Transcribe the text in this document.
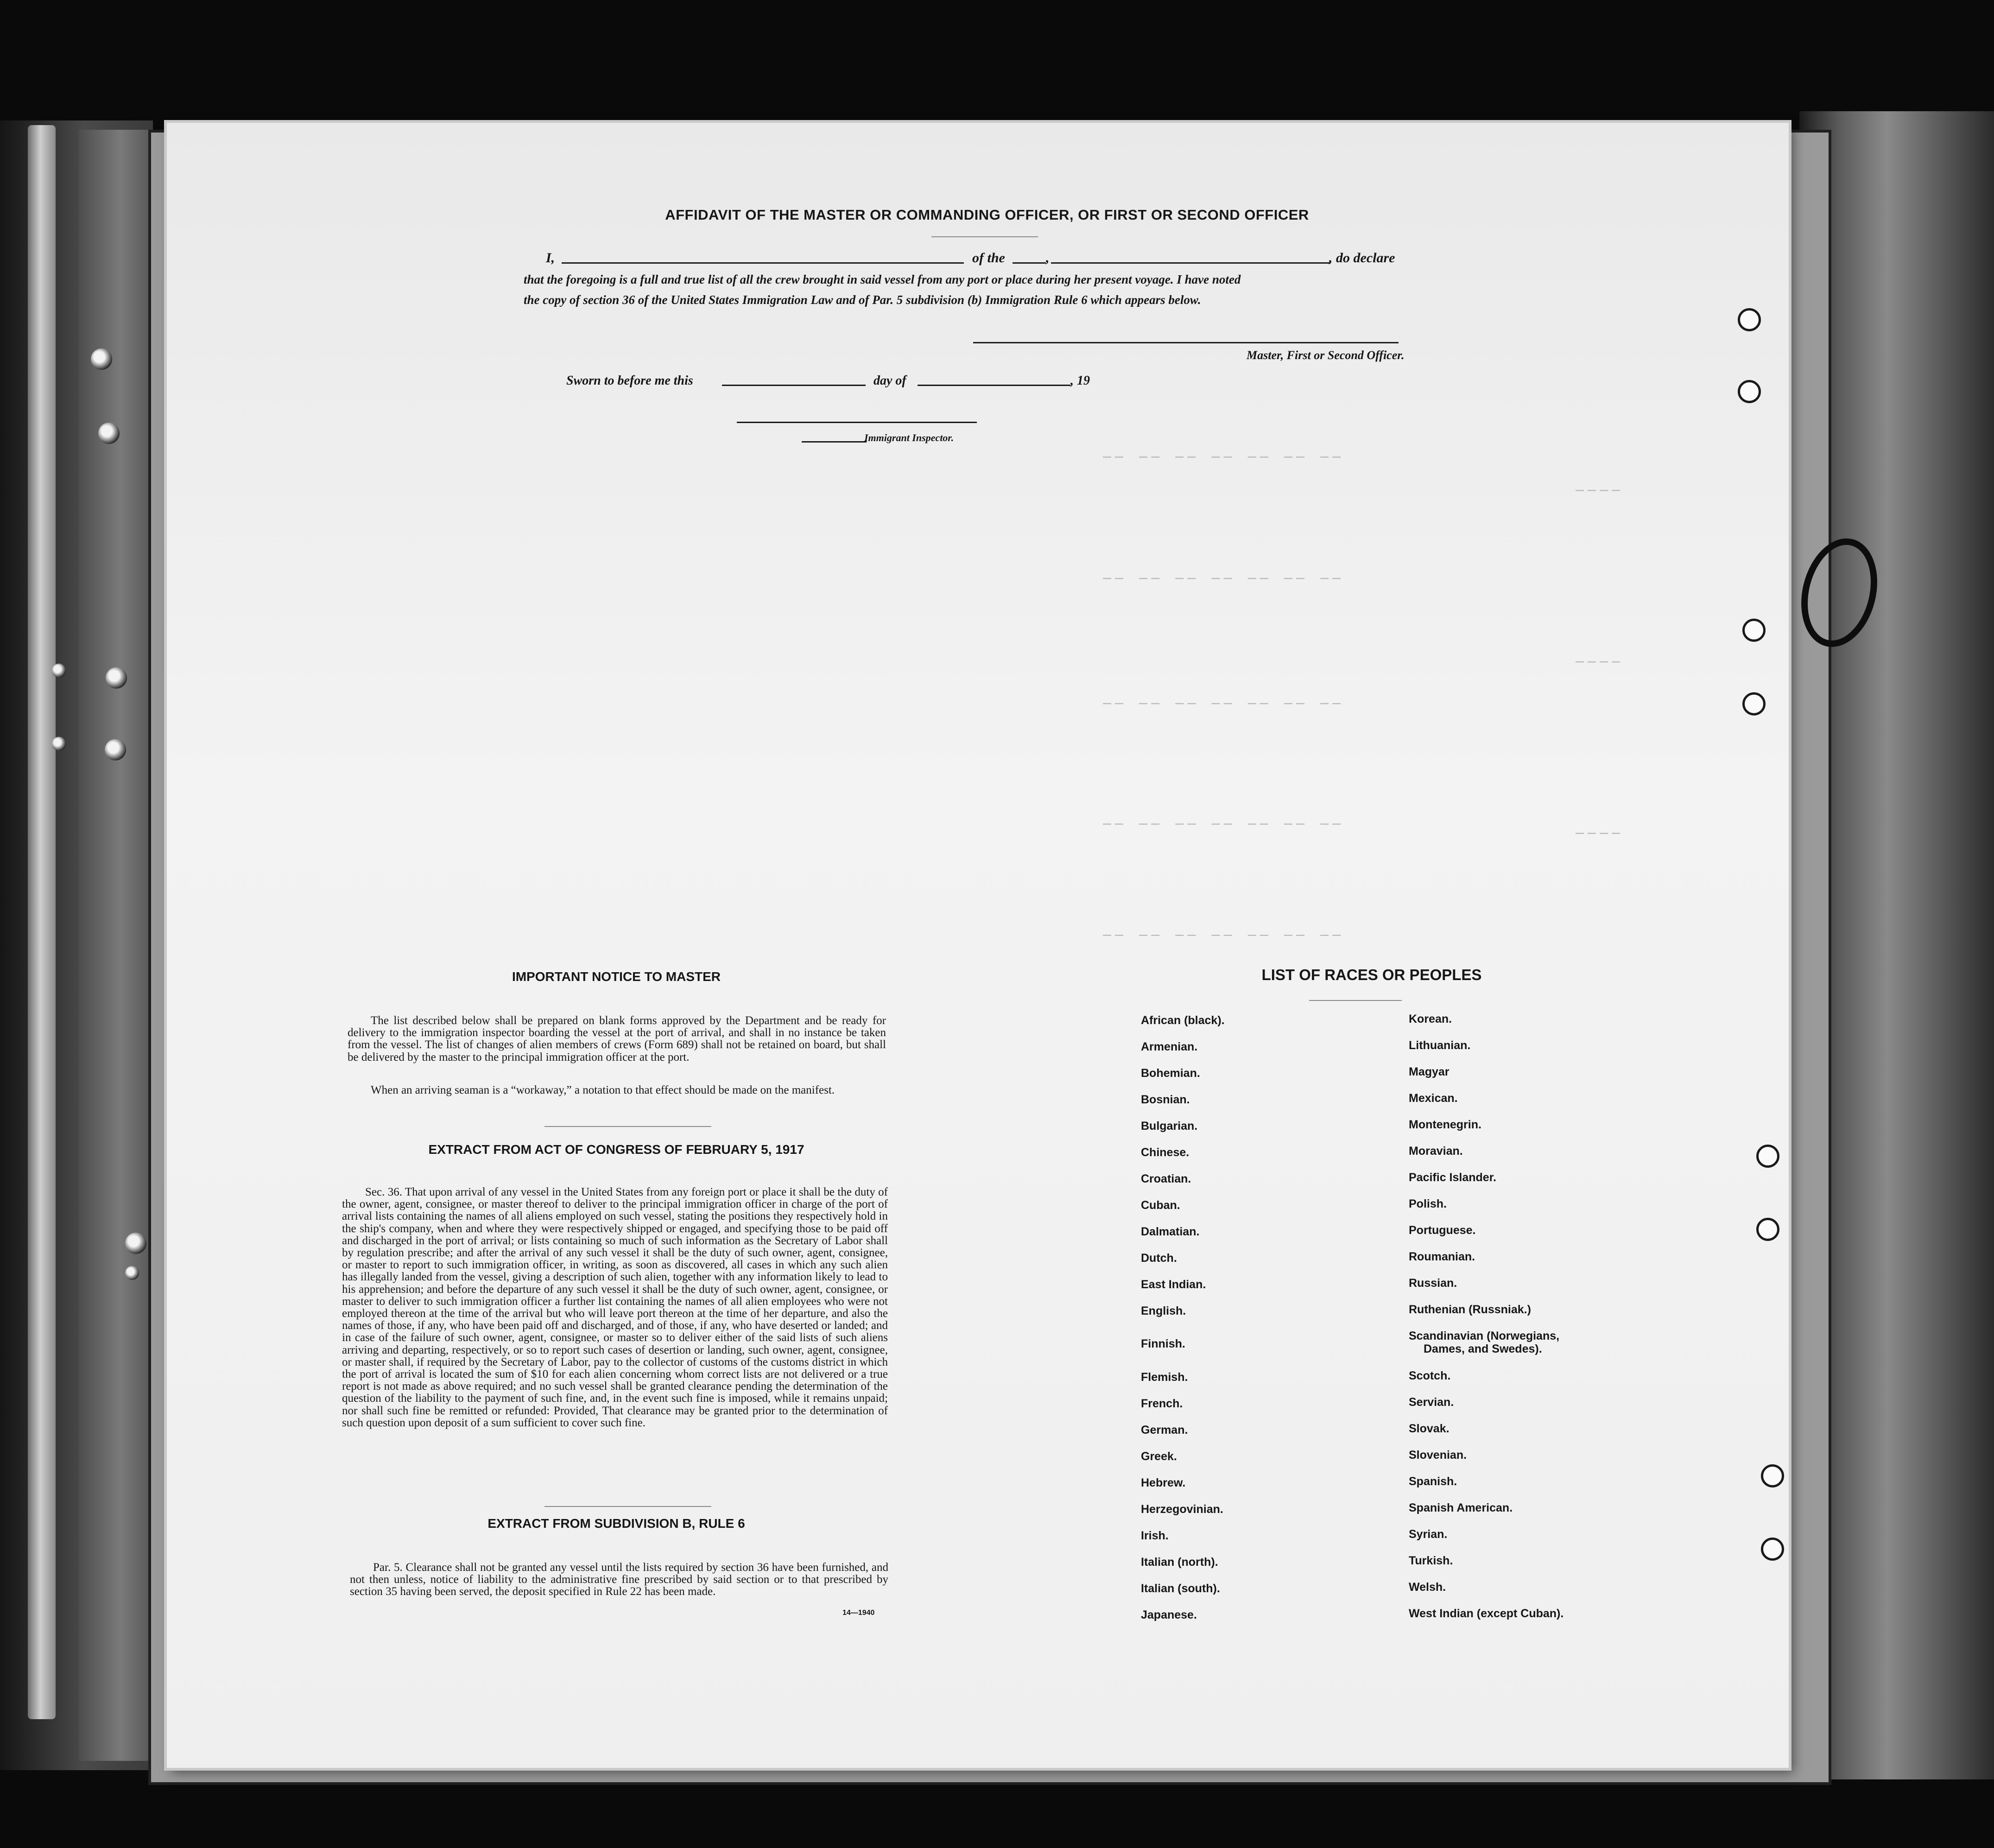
—— —— —— —— —— —— ——
—— —— —— —— —— —— ——
—— —— —— —— —— —— ——
—— —— —— —— —— —— ——
—— —— —— —— —— —— ——
————
————
————
AFFIDAVIT OF THE MASTER OR COMMANDING OFFICER, OR FIRST OR SECOND OFFICER
I,	of the	,	, do declare
that the foregoing is a full and true list of all the crew brought in said vessel from any port or place during her present voyage. I have noted
the copy of section 36 of the United States Immigration Law and of Par. 5 subdivision (b) Immigration Rule 6 which appears below.
Master, First or Second Officer.
Sworn to before me this	day of	, 19
Immigrant Inspector.
IMPORTANT NOTICE TO MASTER
The list described below shall be prepared on blank forms approved by the Department and be ready for delivery to the immigration inspector boarding the vessel at the port of arrival, and shall in no instance be taken from the vessel. The list of changes of alien members of crews (Form 689) shall not be retained on board, but shall be delivered by the master to the principal immigration officer at the port.
When an arriving seaman is a “workaway,” a notation to that effect should be made on the manifest.
EXTRACT FROM ACT OF CONGRESS OF FEBRUARY 5, 1917
Sec. 36. That upon arrival of any vessel in the United States from any foreign port or place it shall be the duty of the owner, agent, consignee, or master thereof to deliver to the principal immigration officer in charge of the port of arrival lists containing the names of all aliens employed on such vessel, stating the positions they respectively hold in the ship's company, when and where they were respectively shipped or engaged, and specifying those to be paid off and discharged in the port of arrival; or lists containing so much of such information as the Secretary of Labor shall by regulation prescribe; and after the arrival of any such vessel it shall be the duty of such owner, agent, consignee, or master to report to such immigration officer, in writing, as soon as discovered, all cases in which any such alien has illegally landed from the vessel, giving a description of such alien, together with any information likely to lead to his apprehension; and before the departure of any such vessel it shall be the duty of such owner, agent, consignee, or master to deliver to such immigration officer a further list containing the names of all alien employees who were not employed thereon at the time of the arrival but who will leave port thereon at the time of her departure, and also the names of those, if any, who have been paid off and discharged, and of those, if any, who have deserted or landed; and in case of the failure of such owner, agent, consignee, or master so to deliver either of the said lists of such aliens arriving and departing, respectively, or so to report such cases of desertion or landing, such owner, agent, consignee, or master shall, if required by the Secretary of Labor, pay to the collector of customs of the customs district in which the port of arrival is located the sum of $10 for each alien concerning whom correct lists are not delivered or a true report is not made as above required; and no such vessel shall be granted clearance pending the determination of the question of the liability to the payment of such fine, and, in the event such fine is imposed, while it remains unpaid; nor shall such fine be remitted or refunded: Provided, That clearance may be granted prior to the determination of such question upon deposit of a sum sufficient to cover such fine.
EXTRACT FROM SUBDIVISION B, RULE 6
Par. 5. Clearance shall not be granted any vessel until the lists required by section 36 have been furnished, and not then unless, notice of liability to the administrative fine prescribed by said section or to that prescribed by section 35 having been served, the deposit specified in Rule 22 has been made.
14—1940
LIST OF RACES OR PEOPLES
African (black).
Armenian.
Bohemian.
Bosnian.
Bulgarian.
Chinese.
Croatian.
Cuban.
Dalmatian.
Dutch.
East Indian.
English.
Finnish.
Flemish.
French.
German.
Greek.
Hebrew.
Herzegovinian.
Irish.
Italian (north).
Italian (south).
Japanese.
Korean.
Lithuanian.
Magyar
Mexican.
Montenegrin.
Moravian.
Pacific Islander.
Polish.
Portuguese.
Roumanian.
Russian.
Ruthenian (Russniak.)
Scandinavian (Norwegians,
Dames, and Swedes).
Scotch.
Servian.
Slovak.
Slovenian.
Spanish.
Spanish American.
Syrian.
Turkish.
Welsh.
West Indian (except Cuban).
